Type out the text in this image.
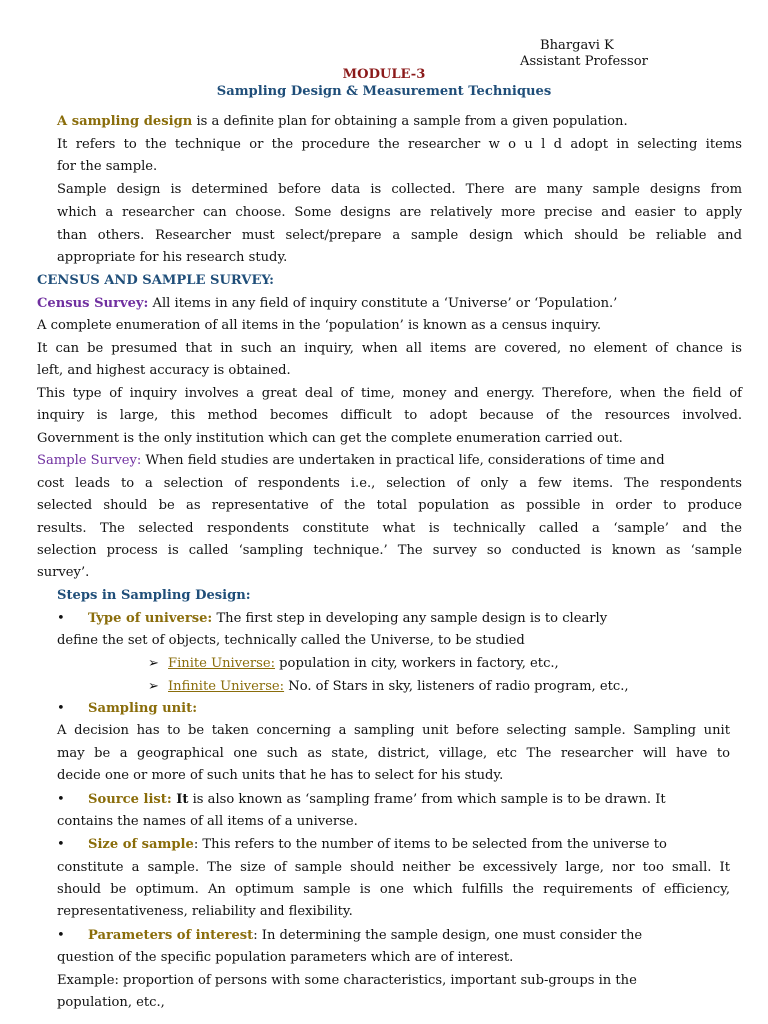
Bhargavi K
Assistant Professor
MODULE-3
Sampling Design & Measurement Techniques
A sampling design is a definite plan for obtaining a sample from a given population.
It refers to the technique or the procedure the researcher w o u l d adopt in selecting items
for the sample.
Sample design is determined before data is collected. There are many sample designs from
which a researcher can choose. Some designs are relatively more precise and easier to apply
than others. Researcher must select/prepare a sample design which should be reliable and
appropriate for his research study.
CENSUS AND SAMPLE SURVEY:
Census Survey: All items in any field of inquiry constitute a ‘Universe’ or ‘Population.’
A complete enumeration of all items in the ‘population’ is known as a census inquiry.
It can be presumed that in such an inquiry, when all items are covered, no element of chance is
left, and highest accuracy is obtained.
This type of inquiry involves a great deal of time, money and energy. Therefore, when the field of
inquiry is large, this method becomes difficult to adopt because of the resources involved.
Government is the only institution which can get the complete enumeration carried out.
Sample Survey: When field studies are undertaken in practical life, considerations of time and
cost leads to a selection of respondents i.e., selection of only a few items. The respondents
selected should be as representative of the total population as possible in order to produce
results. The selected respondents constitute what is technically called a ‘sample’ and the
selection process is called ‘sampling technique.’ The survey so conducted is known as ‘sample
survey’.
Steps in Sampling Design:
• Type of universe: The first step in developing any sample design is to clearly
define the set of objects, technically called the Universe, to be studied
➢ Finite Universe: population in city, workers in factory, etc.,
➢ Infinite Universe: No. of Stars in sky, listeners of radio program, etc.,
• Sampling unit:
A decision has to be taken concerning a sampling unit before selecting sample. Sampling unit
may be a geographical one such as state, district, village, etc The researcher will have to
decide one or more of such units that he has to select for his study.
• Source list: It is also known as ‘sampling frame’ from which sample is to be drawn. It
contains the names of all items of a universe.
• Size of sample: This refers to the number of items to be selected from the universe to
constitute a sample. The size of sample should neither be excessively large, nor too small. It
should be optimum. An optimum sample is one which fulfills the requirements of efficiency,
representativeness, reliability and flexibility.
• Parameters of interest: In determining the sample design, one must consider the
question of the specific population parameters which are of interest.
Example: proportion of persons with some characteristics, important sub-groups in the
population, etc.,
